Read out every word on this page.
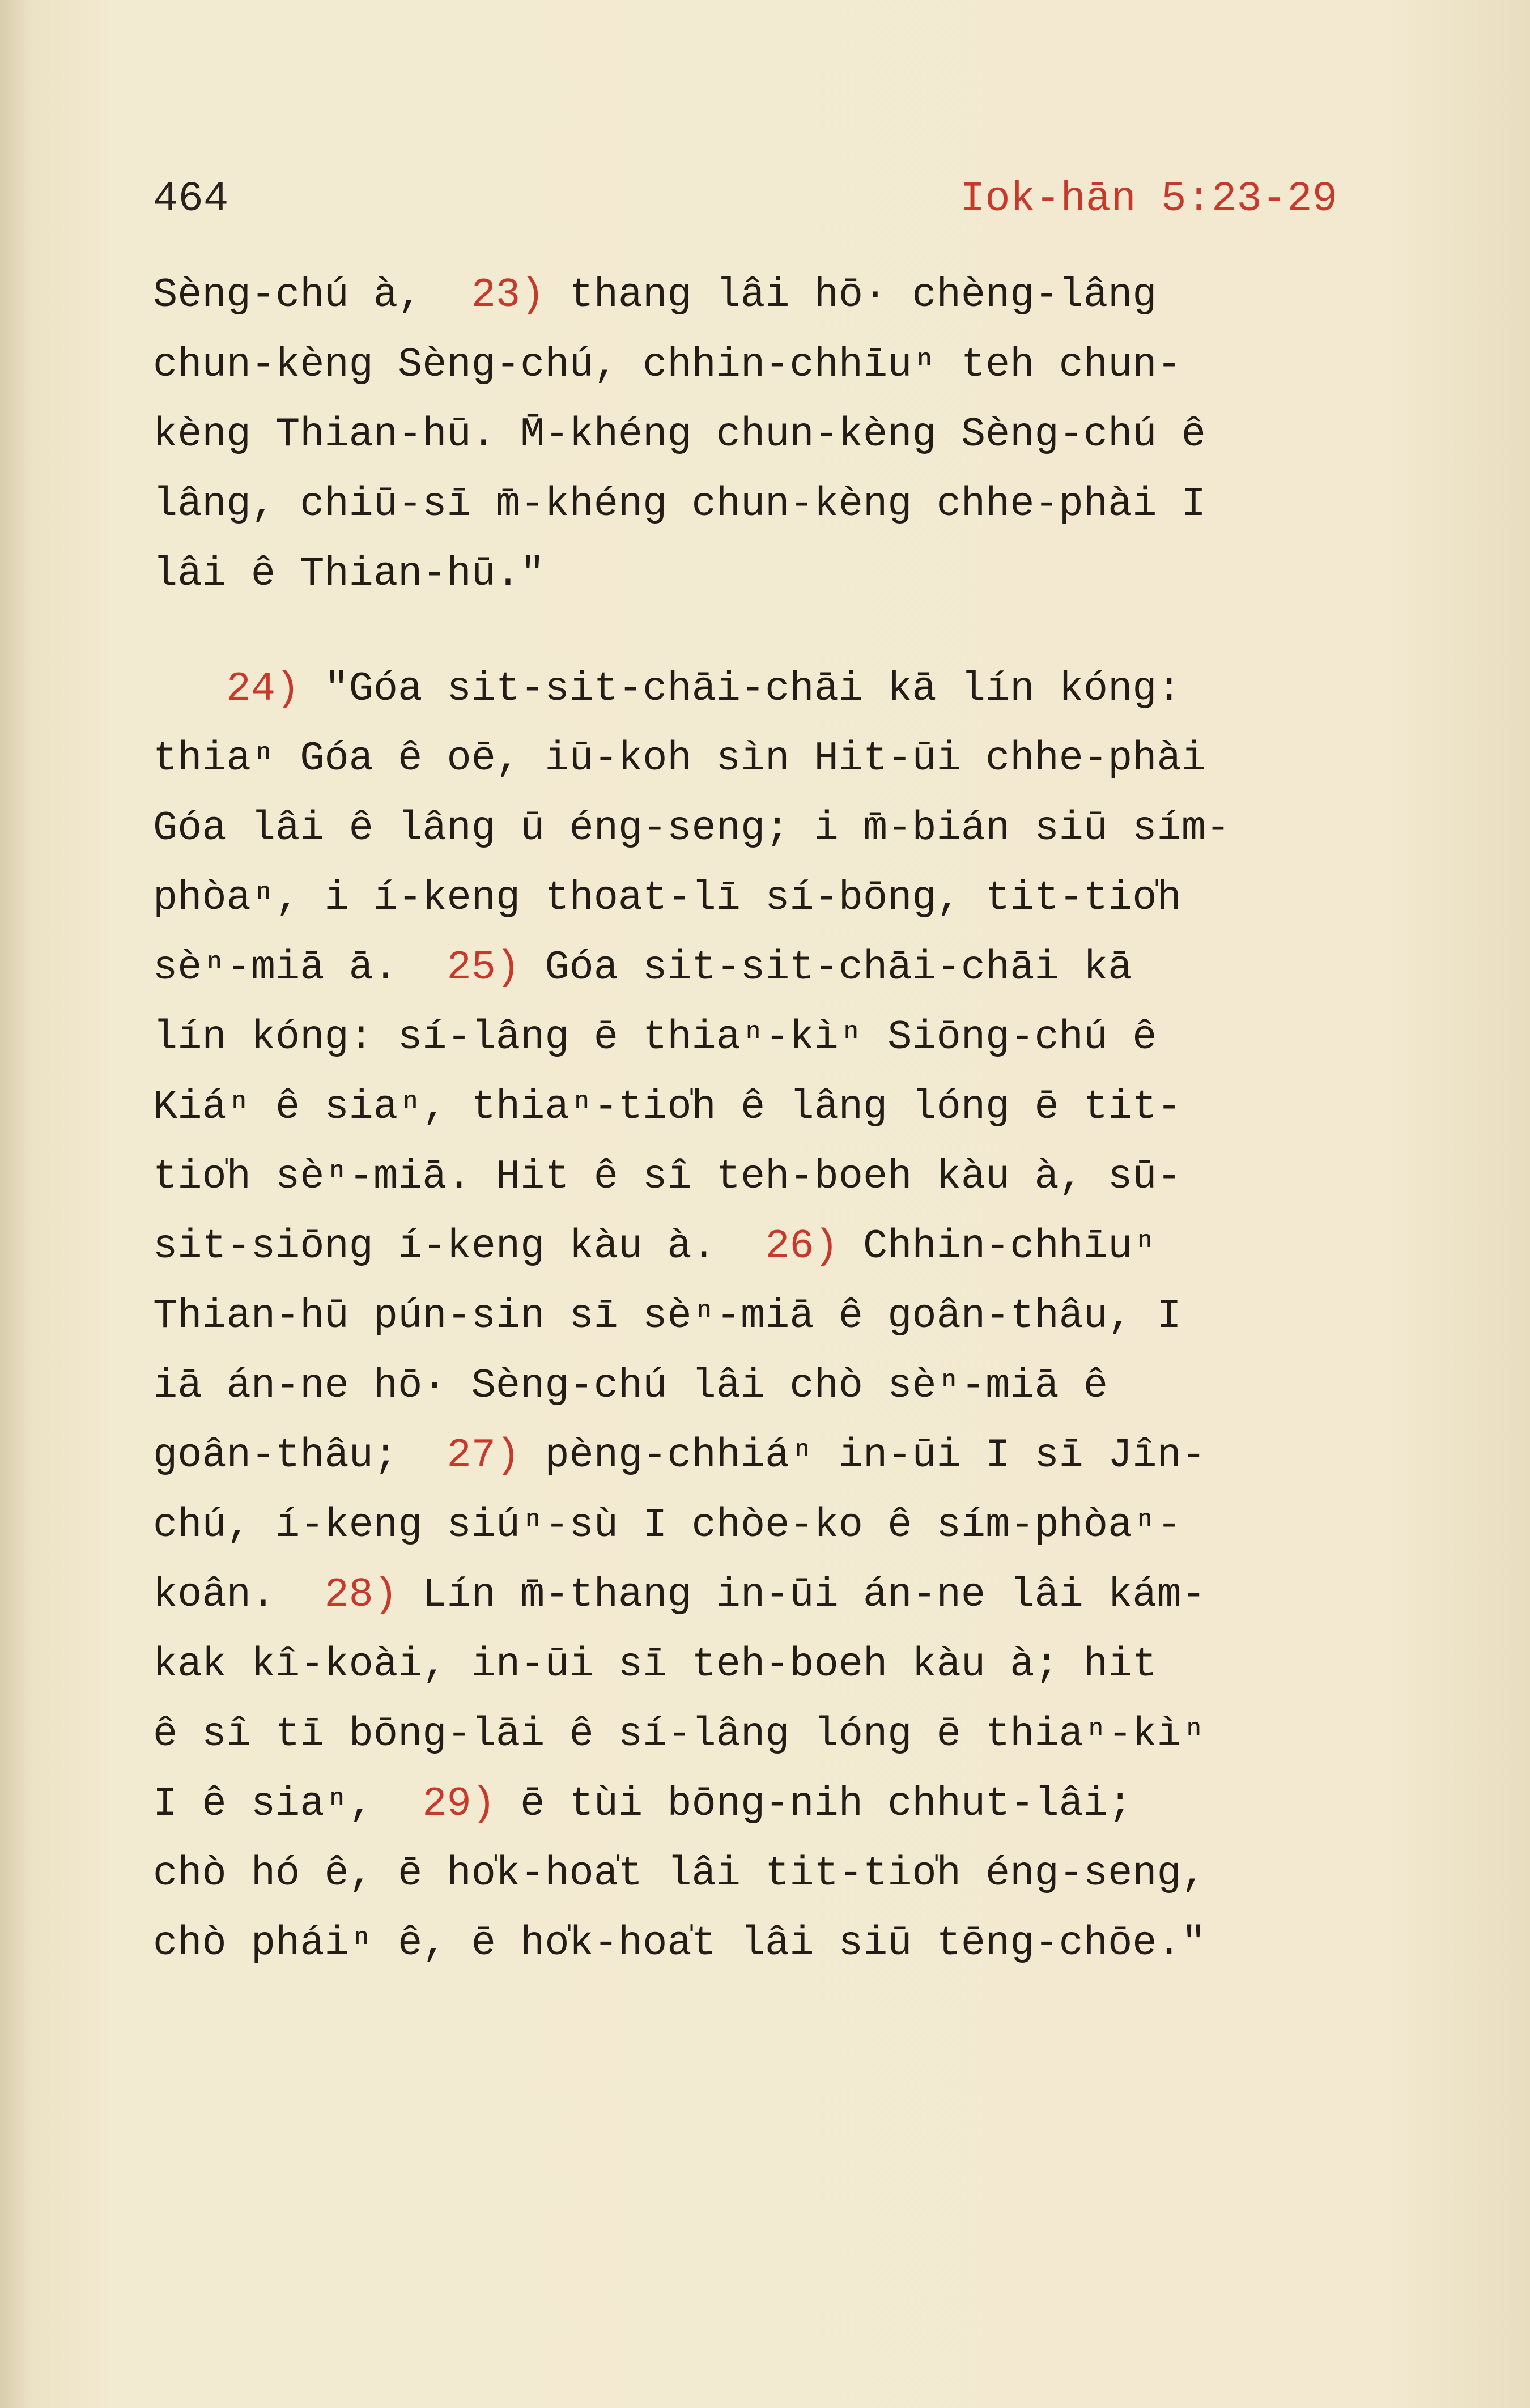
464	Iok-hān 5:23-29
Sèng-chú à,  23) thang lâi hō· chèng-lâng
chun-kèng Sèng-chú, chhin-chhīuⁿ teh chun-
kèng Thian-hū. M̄-khéng chun-kèng Sèng-chú ê
lâng, chiū-sī m̄-khéng chun-kèng chhe-phài I
lâi ê Thian-hū."
24) "Góa sit-sit-chāi-chāi kā lín kóng:
thiaⁿ Góa ê oē, iū-koh sìn Hit-ūi chhe-phài
Góa lâi ê lâng ū éng-seng; i m̄-bián siū sím-
phòaⁿ, i í-keng thoat-lī sí-bōng, tit-tio̍h
sèⁿ-miā ā.  25) Góa sit-sit-chāi-chāi kā
lín kóng: sí-lâng ē thiaⁿ-kìⁿ Siōng-chú ê
Kiáⁿ ê siaⁿ, thiaⁿ-tio̍h ê lâng lóng ē tit-
tio̍h sèⁿ-miā. Hit ê sî teh-boeh kàu à, sū-
sit-siōng í-keng kàu à.  26) Chhin-chhīuⁿ
Thian-hū pún-sin sī sèⁿ-miā ê goân-thâu, I
iā án-ne hō· Sèng-chú lâi chò sèⁿ-miā ê
goân-thâu;  27) pèng-chhiáⁿ in-ūi I sī Jîn-
chú, í-keng siúⁿ-sù I chòe-ko ê sím-phòaⁿ-
koân.  28) Lín m̄-thang in-ūi án-ne lâi kám-
kak kî-koài, in-ūi sī teh-boeh kàu à; hit
ê sî tī bōng-lāi ê sí-lâng lóng ē thiaⁿ-kìⁿ
I ê siaⁿ,  29) ē tùi bōng-nih chhut-lâi;
chò hó ê, ē ho̍k-hoa̍t lâi tit-tio̍h éng-seng,
chò pháiⁿ ê, ē ho̍k-hoa̍t lâi siū tēng-chōe."
